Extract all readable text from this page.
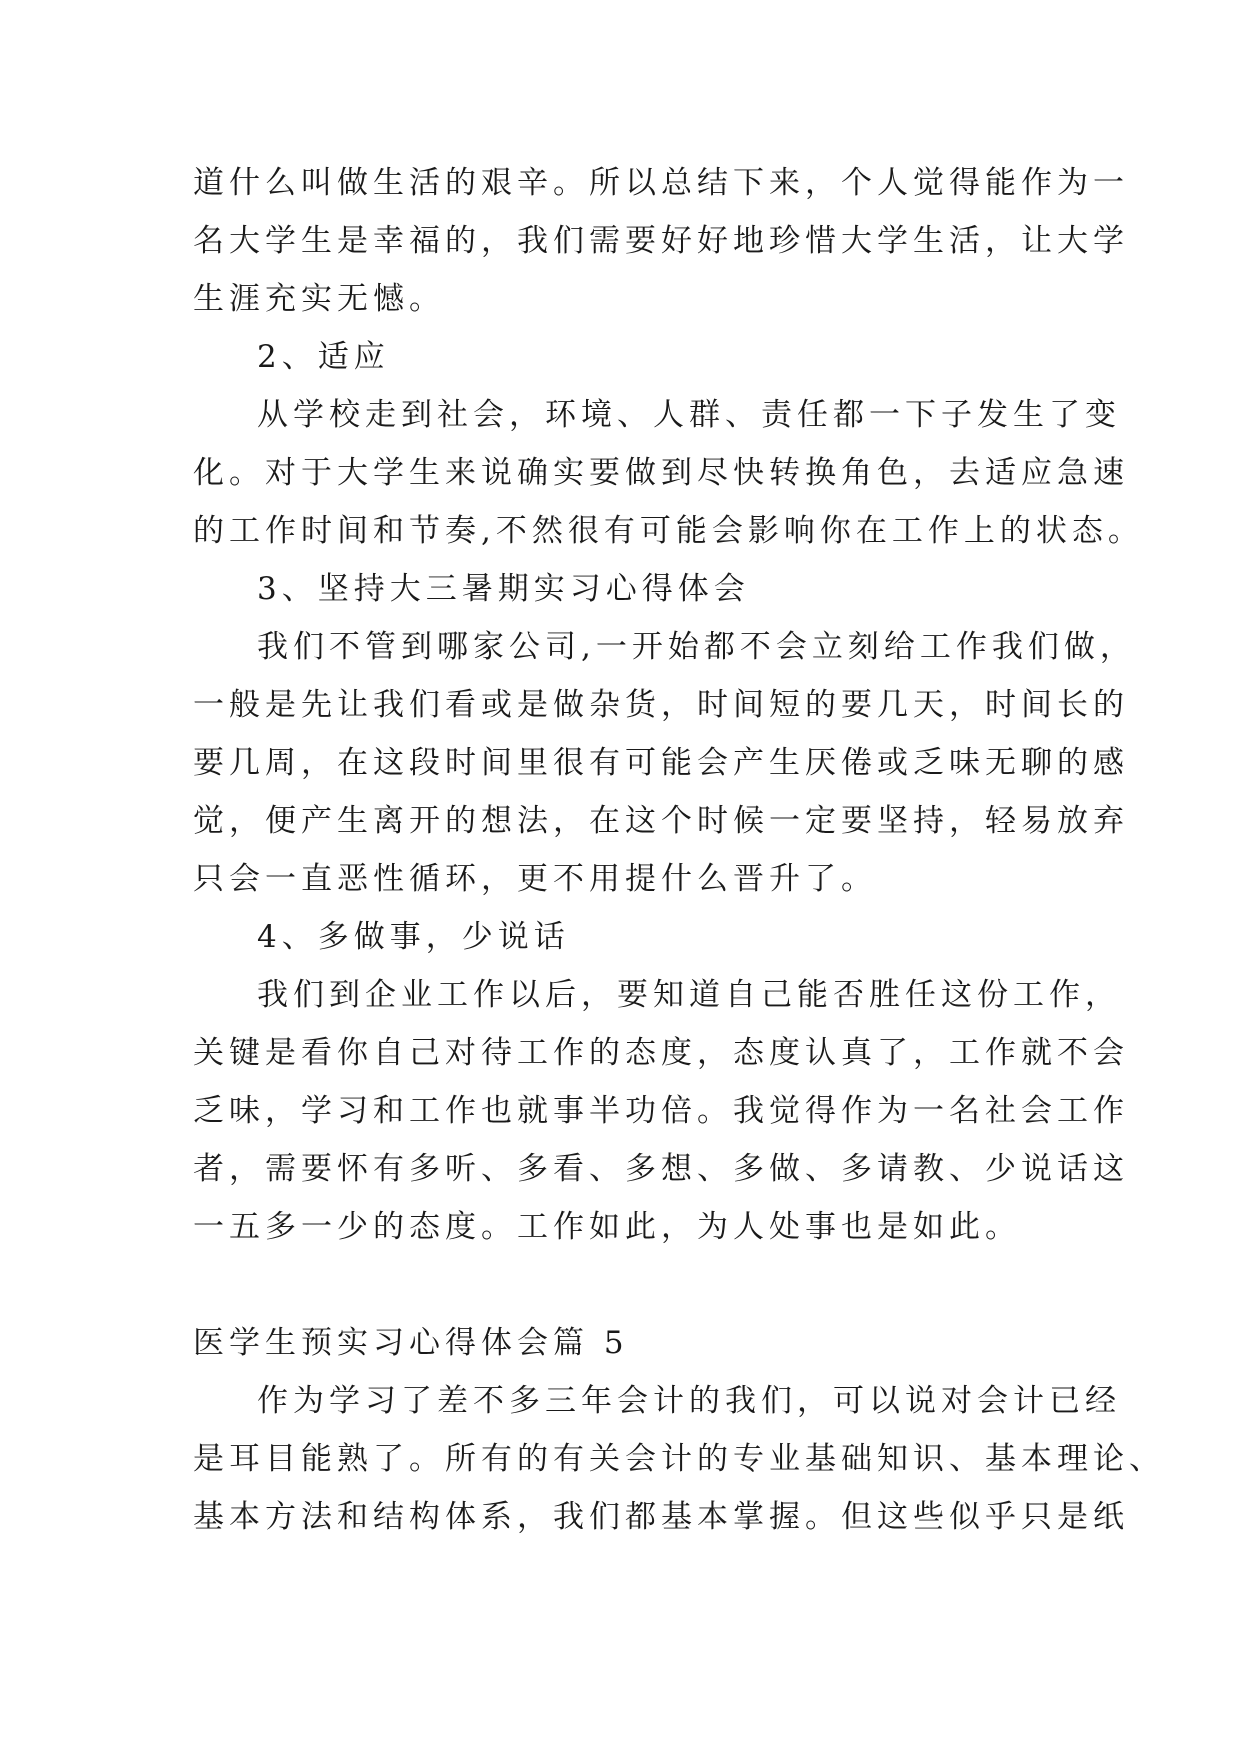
道什么叫做生活的艰辛。所以总结下来，个人觉得能作为一
名大学生是幸福的，我们需要好好地珍惜大学生活，让大学
生涯充实无憾。
2、适应
从学校走到社会，环境、人群、责任都一下子发生了变
化。对于大学生来说确实要做到尽快转换角色，去适应急速
的工作时间和节奏,不然很有可能会影响你在工作上的状态。
3、坚持大三暑期实习心得体会
我们不管到哪家公司,一开始都不会立刻给工作我们做，
一般是先让我们看或是做杂货，时间短的要几天，时间长的
要几周，在这段时间里很有可能会产生厌倦或乏味无聊的感
觉，便产生离开的想法，在这个时候一定要坚持，轻易放弃
只会一直恶性循环，更不用提什么晋升了。
4、多做事，少说话
我们到企业工作以后，要知道自己能否胜任这份工作，
关键是看你自己对待工作的态度，态度认真了，工作就不会
乏味，学习和工作也就事半功倍。我觉得作为一名社会工作
者，需要怀有多听、多看、多想、多做、多请教、少说话这
一五多一少的态度。工作如此，为人处事也是如此。
医学生预实习心得体会篇 5
作为学习了差不多三年会计的我们，可以说对会计已经
是耳目能熟了。所有的有关会计的专业基础知识、基本理论、
基本方法和结构体系，我们都基本掌握。但这些似乎只是纸
